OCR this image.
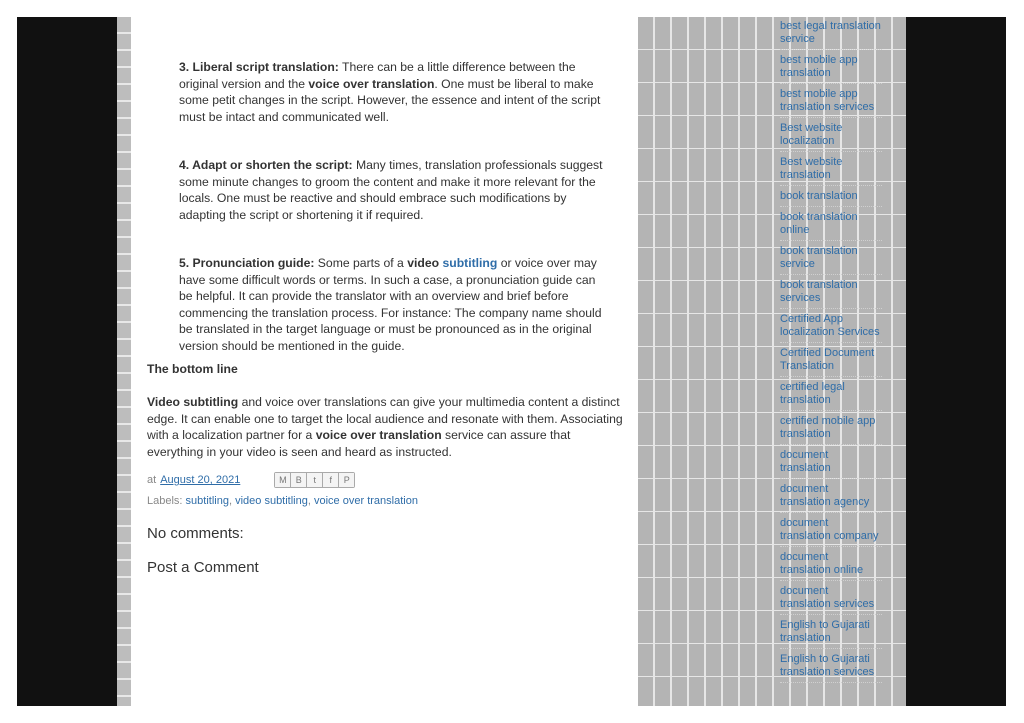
3. Liberal script translation: There can be a little difference between the original version and the voice over translation. One must be liberal to make some petit changes in the script. However, the essence and intent of the script must be intact and communicated well.
4. Adapt or shorten the script: Many times, translation professionals suggest some minute changes to groom the content and make it more relevant for the locals. One must be reactive and should embrace such modifications by adapting the script or shortening it if required.
5. Pronunciation guide: Some parts of a video subtitling or voice over may have some difficult words or terms. In such a case, a pronunciation guide can be helpful. It can provide the translator with an overview and brief before commencing the translation process. For instance: The company name should be translated in the target language or must be pronounced as in the original version should be mentioned in the guide.
The bottom line
Video subtitling and voice over translations can give your multimedia content a distinct edge. It can enable one to target the local audience and resonate with them. Associating with a localization partner for a voice over translation service can assure that everything in your video is seen and heard as instructed.
at August 20, 2021	M	B	t	f	P
Labels: subtitling, video subtitling, voice over translation
No comments:
Post a Comment
best legal translation service
best mobile app translation
best mobile app translation services
Best website localization
Best website translation
book translation
book translation online
book translation service
book translation services
Certified App localization Services
Certified Document Translation
certified legal translation
certified mobile app translation
document translation
document translation agency
document translation company
document translation online
document translation services
English to Gujarati translation
English to Gujarati translation services
